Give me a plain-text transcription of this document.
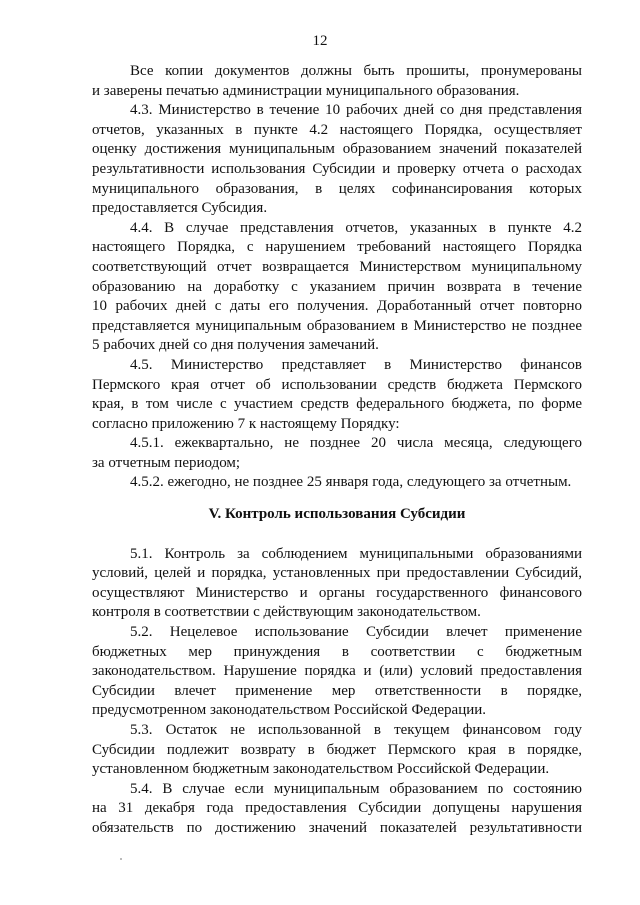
12
Все копии документов должны быть прошиты, пронумерованы
и заверены печатью администрации муниципального образования.
4.3. Министерство в течение 10 рабочих дней со дня представления
отчетов, указанных в пункте 4.2 настоящего Порядка, осуществляет
оценку достижения муниципальным образованием значений показателей
результативности использования Субсидии и проверку отчета о расходах
муниципального образования, в целях софинансирования которых
предоставляется Субсидия.
4.4. В случае представления отчетов, указанных в пункте 4.2
настоящего Порядка, с нарушением требований настоящего Порядка
соответствующий отчет возвращается Министерством муниципальному
образованию на доработку с указанием причин возврата в течение
10 рабочих дней с даты его получения. Доработанный отчет повторно
представляется муниципальным образованием в Министерство не позднее
5 рабочих дней со дня получения замечаний.
4.5. Министерство представляет в Министерство финансов
Пермского края отчет об использовании средств бюджета Пермского
края, в том числе с участием средств федерального бюджета, по форме
согласно приложению 7 к настоящему Порядку:
4.5.1. ежеквартально, не позднее 20 числа месяца, следующего
за отчетным периодом;
4.5.2. ежегодно, не позднее 25 января года, следующего за отчетным.
V. Контроль использования Субсидии
5.1. Контроль за соблюдением муниципальными образованиями
условий, целей и порядка, установленных при предоставлении Субсидий,
осуществляют Министерство и органы государственного финансового
контроля в соответствии с действующим законодательством.
5.2. Нецелевое использование Субсидии влечет применение
бюджетных мер принуждения в соответствии с бюджетным
законодательством. Нарушение порядка и (или) условий предоставления
Субсидии влечет применение мер ответственности в порядке,
предусмотренном законодательством Российской Федерации.
5.3. Остаток не использованной в текущем финансовом году
Субсидии подлежит возврату в бюджет Пермского края в порядке,
установленном бюджетным законодательством Российской Федерации.
5.4. В случае если муниципальным образованием по состоянию
на 31 декабря года предоставления Субсидии допущены нарушения
обязательств по достижению значений показателей результативности
